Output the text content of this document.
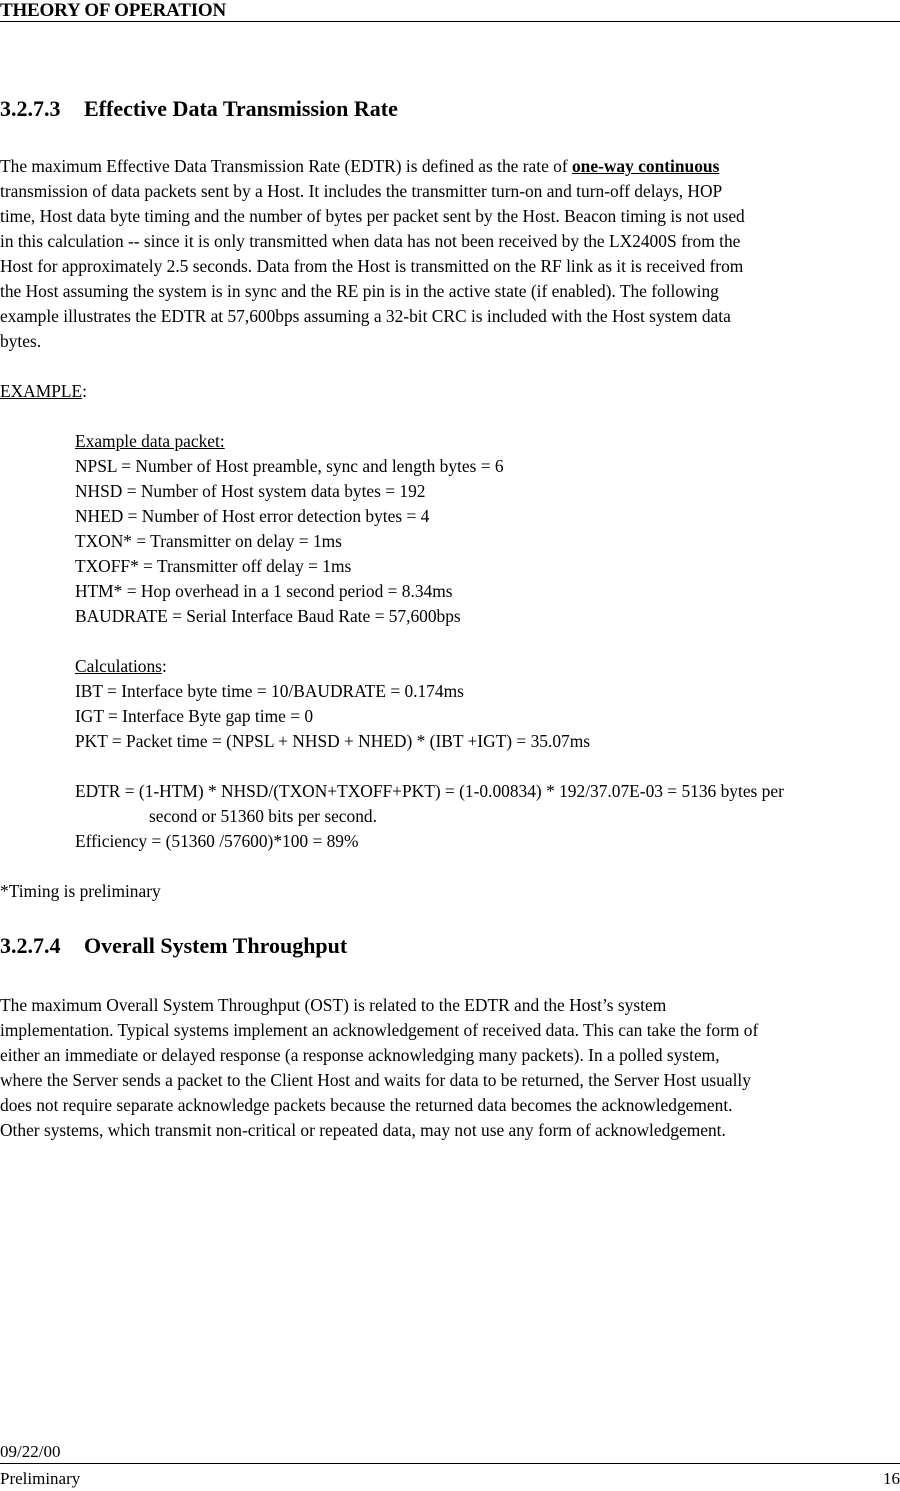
THEORY OF OPERATION
3.2.7.3 Effective Data Transmission Rate
The maximum Effective Data Transmission Rate (EDTR) is defined as the rate of one-way continuous
transmission of data packets sent by a Host. It includes the transmitter turn-on and turn-off delays, HOP
time, Host data byte timing and the number of bytes per packet sent by the Host. Beacon timing is not used
in this calculation -- since it is only transmitted when data has not been received by the LX2400S from the
Host for approximately 2.5 seconds. Data from the Host is transmitted on the RF link as it is received from
the Host assuming the system is in sync and the RE pin is in the active state (if enabled). The following
example illustrates the EDTR at 57,600bps assuming a 32-bit CRC is included with the Host system data
bytes.
EXAMPLE:
Example data packet:
NPSL = Number of Host preamble, sync and length bytes = 6
NHSD = Number of Host system data bytes = 192
NHED = Number of Host error detection bytes = 4
TXON* = Transmitter on delay = 1ms
TXOFF* = Transmitter off delay = 1ms
HTM* = Hop overhead in a 1 second period = 8.34ms
BAUDRATE = Serial Interface Baud Rate = 57,600bps
Calculations:
IBT = Interface byte time = 10/BAUDRATE = 0.174ms
IGT = Interface Byte gap time = 0
PKT = Packet time = (NPSL + NHSD + NHED) * (IBT +IGT) = 35.07ms
EDTR = (1-HTM) * NHSD/(TXON+TXOFF+PKT) = (1-0.00834) * 192/37.07E-03 = 5136 bytes per
second or 51360 bits per second.
Efficiency = (51360 /57600)*100 = 89%
*Timing is preliminary
3.2.7.4 Overall System Throughput
The maximum Overall System Throughput (OST) is related to the EDTR and the Host’s system
implementation. Typical systems implement an acknowledgement of received data. This can take the form of
either an immediate or delayed response (a response acknowledging many packets). In a polled system,
where the Server sends a packet to the Client Host and waits for data to be returned, the Server Host usually
does not require separate acknowledge packets because the returned data becomes the acknowledgement.
Other systems, which transmit non-critical or repeated data, may not use any form of acknowledgement.
09/22/00
Preliminary	16
